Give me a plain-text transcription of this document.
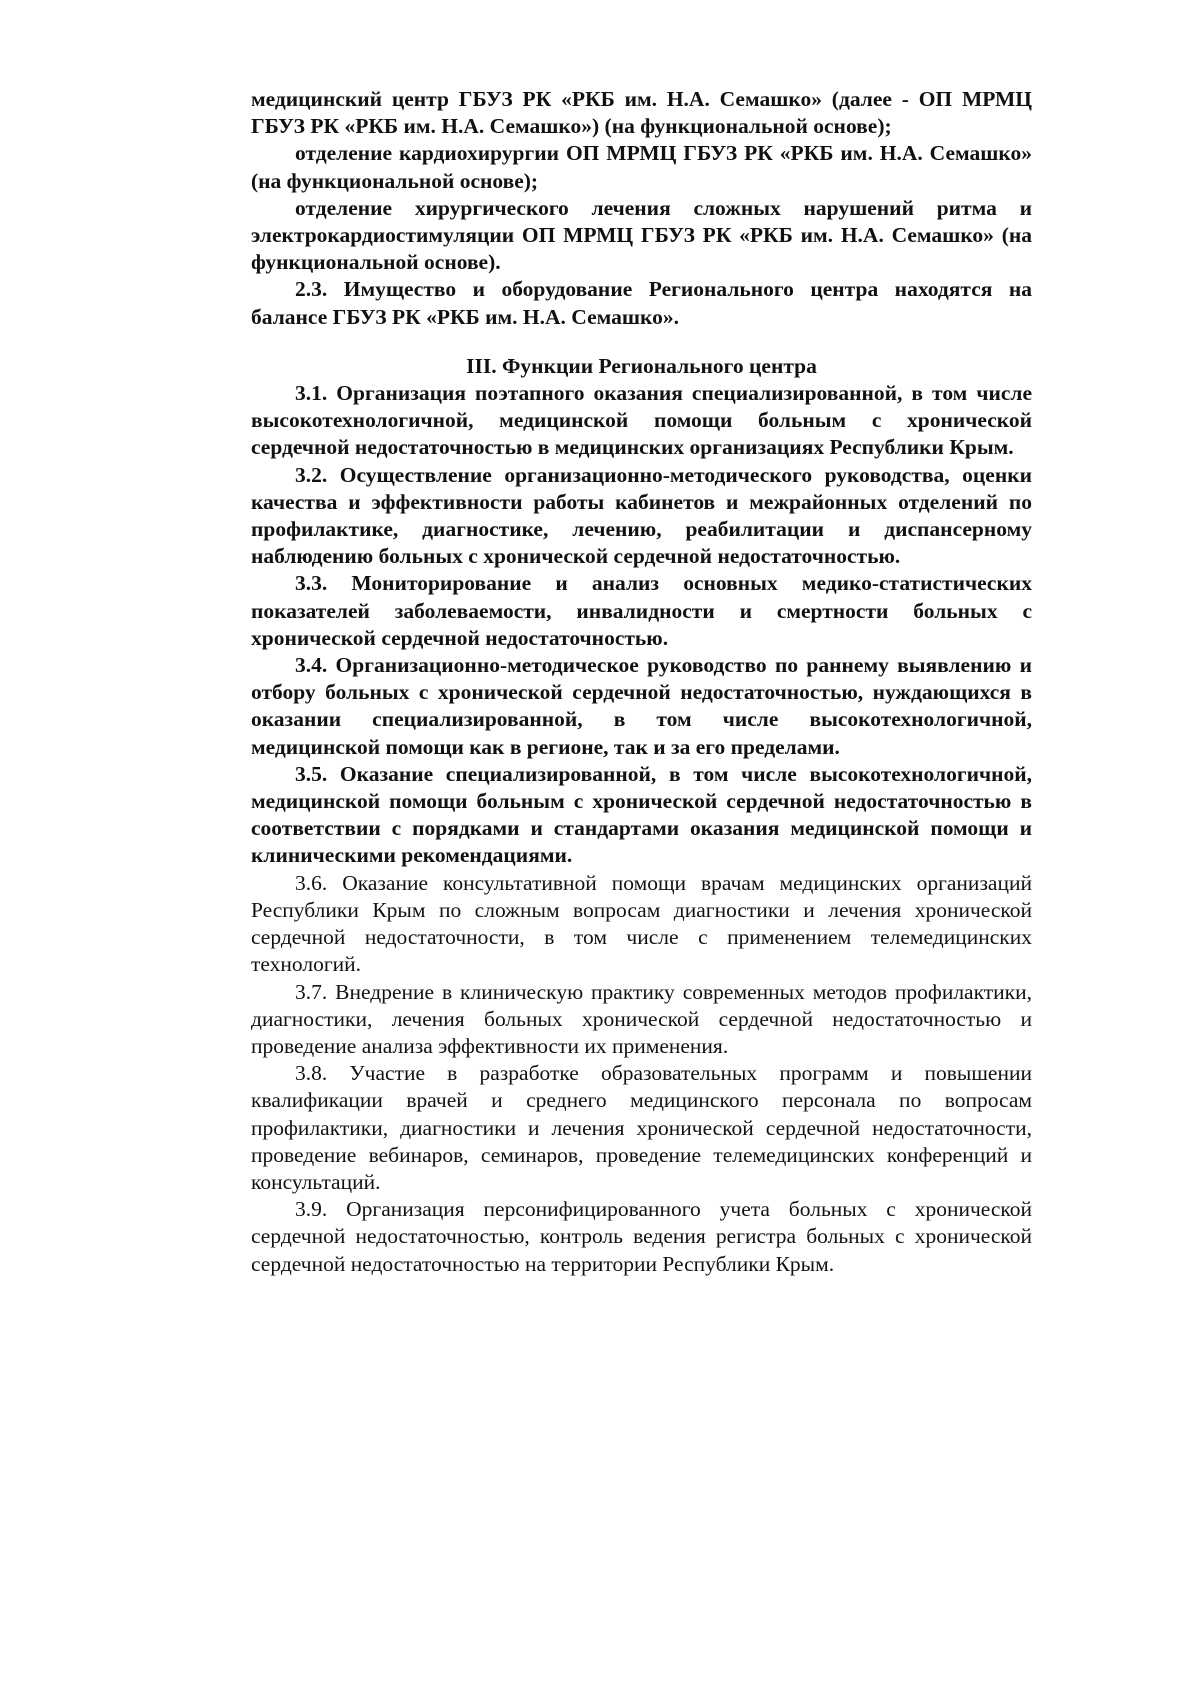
медицинский центр ГБУЗ РК «РКБ им. Н.А. Семашко» (далее - ОП МРМЦ ГБУЗ РК «РКБ им. Н.А. Семашко») (на функциональной основе);

отделение кардиохирургии ОП МРМЦ ГБУЗ РК «РКБ им. Н.А. Семашко» (на функциональной основе);

отделение хирургического лечения сложных нарушений ритма и электрокардиостимуляции ОП МРМЦ ГБУЗ РК «РКБ им. Н.А. Семашко» (на функциональной основе).

2.3. Имущество и оборудование Регионального центра находятся на балансе ГБУЗ РК «РКБ им. Н.А. Семашко».

III. Функции Регионального центра

3.1. Организация поэтапного оказания специализированной, в том числе высокотехнологичной, медицинской помощи больным с хронической сердечной недостаточностью в медицинских организациях Республики Крым.

3.2. Осуществление организационно-методического руководства, оценки качества и эффективности работы кабинетов и межрайонных отделений по профилактике, диагностике, лечению, реабилитации и диспансерному наблюдению больных с хронической сердечной недостаточностью.

3.3. Мониторирование и анализ основных медико-статистических показателей заболеваемости, инвалидности и смертности больных с хронической сердечной недостаточностью.

3.4. Организационно-методическое руководство по раннему выявлению и отбору больных с хронической сердечной недостаточностью, нуждающихся в оказании специализированной, в том числе высокотехнологичной, медицинской помощи как в регионе, так и за его пределами.

3.5. Оказание специализированной, в том числе высокотехнологичной, медицинской помощи больным с хронической сердечной недостаточностью в соответствии с порядками и стандартами оказания медицинской помощи и клиническими рекомендациями.

3.6. Оказание консультативной помощи врачам медицинских организаций Республики Крым по сложным вопросам диагностики и лечения хронической сердечной недостаточности, в том числе с применением телемедицинских технологий.

3.7. Внедрение в клиническую практику современных методов профилактики, диагностики, лечения больных хронической сердечной недостаточностью и проведение анализа эффективности их применения.

3.8. Участие в разработке образовательных программ и повышении квалификации врачей и среднего медицинского персонала по вопросам профилактики, диагностики и лечения хронической сердечной недостаточности, проведение вебинаров, семинаров, проведение телемедицинских конференций и консультаций.

3.9. Организация персонифицированного учета больных с хронической сердечной недостаточностью, контроль ведения регистра больных с хронической сердечной недостаточностью на территории Республики Крым.
